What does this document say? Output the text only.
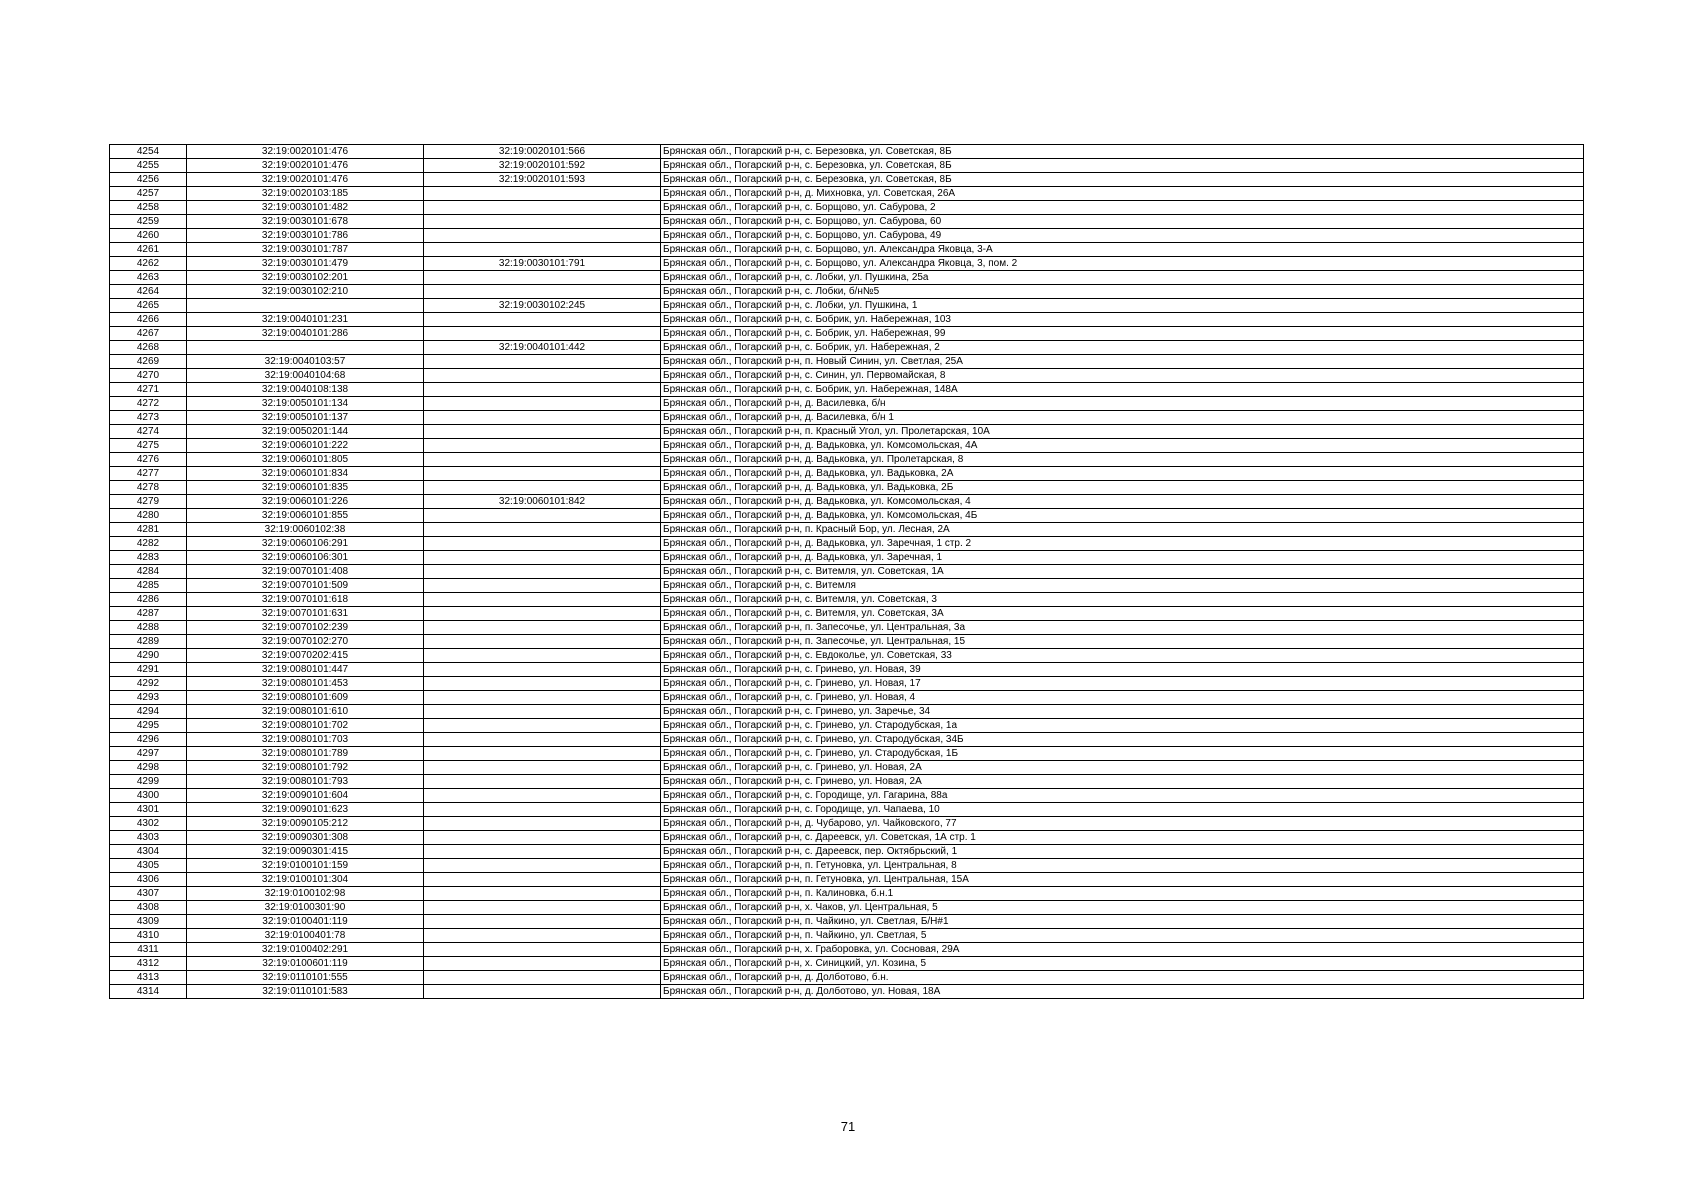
4254	32:19:0020101:476	32:19:0020101:566	Брянская обл., Погарский р-н, с. Березовка, ул. Советская, 8Б
4255	32:19:0020101:476	32:19:0020101:592	Брянская обл., Погарский р-н, с. Березовка, ул. Советская, 8Б
4256	32:19:0020101:476	32:19:0020101:593	Брянская обл., Погарский р-н, с. Березовка, ул. Советская, 8Б
4257	32:19:0020103:185		Брянская обл., Погарский р-н, д. Михновка, ул. Советская, 26А
4258	32:19:0030101:482		Брянская обл., Погарский р-н, с. Борщово, ул. Сабурова, 2
4259	32:19:0030101:678		Брянская обл., Погарский р-н, с. Борщово, ул. Сабурова, 60
4260	32:19:0030101:786		Брянская обл., Погарский р-н, с. Борщово, ул. Сабурова, 49
4261	32:19:0030101:787		Брянская обл., Погарский р-н, с. Борщово, ул. Александра Яковца, 3-А
4262	32:19:0030101:479	32:19:0030101:791	Брянская обл., Погарский р-н, с. Борщово, ул. Александра Яковца, 3, пом. 2
4263	32:19:0030102:201		Брянская обл., Погарский р-н, с. Лобки, ул. Пушкина, 25а
4264	32:19:0030102:210		Брянская обл., Погарский р-н, с. Лобки, б/н№5
4265		32:19:0030102:245	Брянская обл., Погарский р-н, с. Лобки, ул. Пушкина, 1
4266	32:19:0040101:231		Брянская обл., Погарский р-н, с. Бобрик, ул. Набережная, 103
4267	32:19:0040101:286		Брянская обл., Погарский р-н, с. Бобрик, ул. Набережная, 99
4268		32:19:0040101:442	Брянская обл., Погарский р-н, с. Бобрик, ул. Набережная, 2
4269	32:19:0040103:57		Брянская обл., Погарский р-н, п. Новый Синин, ул. Светлая, 25А
4270	32:19:0040104:68		Брянская обл., Погарский р-н, с. Синин, ул. Первомайская, 8
4271	32:19:0040108:138		Брянская обл., Погарский р-н, с. Бобрик, ул. Набережная, 148А
4272	32:19:0050101:134		Брянская обл., Погарский р-н, д. Василевка, б/н
4273	32:19:0050101:137		Брянская обл., Погарский р-н, д. Василевка, б/н 1
4274	32:19:0050201:144		Брянская обл., Погарский р-н, п. Красный Угол, ул. Пролетарская, 10А
4275	32:19:0060101:222		Брянская обл., Погарский р-н, д. Вадьковка, ул. Комсомольская, 4А
4276	32:19:0060101:805		Брянская обл., Погарский р-н, д. Вадьковка, ул. Пролетарская, 8
4277	32:19:0060101:834		Брянская обл., Погарский р-н, д. Вадьковка, ул. Вадьковка, 2А
4278	32:19:0060101:835		Брянская обл., Погарский р-н, д. Вадьковка, ул. Вадьковка, 2Б
4279	32:19:0060101:226	32:19:0060101:842	Брянская обл., Погарский р-н, д. Вадьковка, ул. Комсомольская, 4
4280	32:19:0060101:855		Брянская обл., Погарский р-н, д. Вадьковка, ул. Комсомольская, 4Б
4281	32:19:0060102:38		Брянская обл., Погарский р-н, п. Красный Бор, ул. Лесная, 2А
4282	32:19:0060106:291		Брянская обл., Погарский р-н, д. Вадьковка, ул. Заречная, 1 стр. 2
4283	32:19:0060106:301		Брянская обл., Погарский р-н, д. Вадьковка, ул. Заречная, 1
4284	32:19:0070101:408		Брянская обл., Погарский р-н, с. Витемля, ул. Советская, 1А
4285	32:19:0070101:509		Брянская обл., Погарский р-н, с. Витемля
4286	32:19:0070101:618		Брянская обл., Погарский р-н, с. Витемля, ул. Советская, 3
4287	32:19:0070101:631		Брянская обл., Погарский р-н, с. Витемля, ул. Советская, 3А
4288	32:19:0070102:239		Брянская обл., Погарский р-н, п. Запесочье, ул. Центральная, 3а
4289	32:19:0070102:270		Брянская обл., Погарский р-н, п. Запесочье, ул. Центральная, 15
4290	32:19:0070202:415		Брянская обл., Погарский р-н, с. Евдоколье, ул. Советская, 33
4291	32:19:0080101:447		Брянская обл., Погарский р-н, с. Гринево, ул. Новая, 39
4292	32:19:0080101:453		Брянская обл., Погарский р-н, с. Гринево, ул. Новая, 17
4293	32:19:0080101:609		Брянская обл., Погарский р-н, с. Гринево, ул. Новая, 4
4294	32:19:0080101:610		Брянская обл., Погарский р-н, с. Гринево, ул. Заречье, 34
4295	32:19:0080101:702		Брянская обл., Погарский р-н, с. Гринево, ул. Стародубская, 1а
4296	32:19:0080101:703		Брянская обл., Погарский р-н, с. Гринево, ул. Стародубская, 34Б
4297	32:19:0080101:789		Брянская обл., Погарский р-н, с. Гринево, ул. Стародубская, 1Б
4298	32:19:0080101:792		Брянская обл., Погарский р-н, с. Гринево, ул. Новая, 2А
4299	32:19:0080101:793		Брянская обл., Погарский р-н, с. Гринево, ул. Новая, 2А
4300	32:19:0090101:604		Брянская обл., Погарский р-н, с. Городище, ул. Гагарина, 88а
4301	32:19:0090101:623		Брянская обл., Погарский р-н, с. Городище, ул. Чапаева, 10
4302	32:19:0090105:212		Брянская обл., Погарский р-н, д. Чубарово, ул. Чайковского, 77
4303	32:19:0090301:308		Брянская обл., Погарский р-н, с. Дареевск, ул. Советская, 1А стр. 1
4304	32:19:0090301:415		Брянская обл., Погарский р-н, с. Дареевск, пер. Октябрьский, 1
4305	32:19:0100101:159		Брянская обл., Погарский р-н, п. Гетуновка, ул. Центральная, 8
4306	32:19:0100101:304		Брянская обл., Погарский р-н, п. Гетуновка, ул. Центральная, 15А
4307	32:19:0100102:98		Брянская обл., Погарский р-н, п. Калиновка, б.н.1
4308	32:19:0100301:90		Брянская обл., Погарский р-н, х. Чаков, ул. Центральная, 5
4309	32:19:0100401:119		Брянская обл., Погарский р-н, п. Чайкино, ул. Светлая, Б/Н#1
4310	32:19:0100401:78		Брянская обл., Погарский р-н, п. Чайкино, ул. Светлая, 5
4311	32:19:0100402:291		Брянская обл., Погарский р-н, х. Граборовка, ул. Сосновая, 29А
4312	32:19:0100601:119		Брянская обл., Погарский р-н, х. Синицкий, ул. Козина, 5
4313	32:19:0110101:555		Брянская обл., Погарский р-н, д. Долботово, б.н.
4314	32:19:0110101:583		Брянская обл., Погарский р-н, д. Долботово, ул. Новая, 18А
71
